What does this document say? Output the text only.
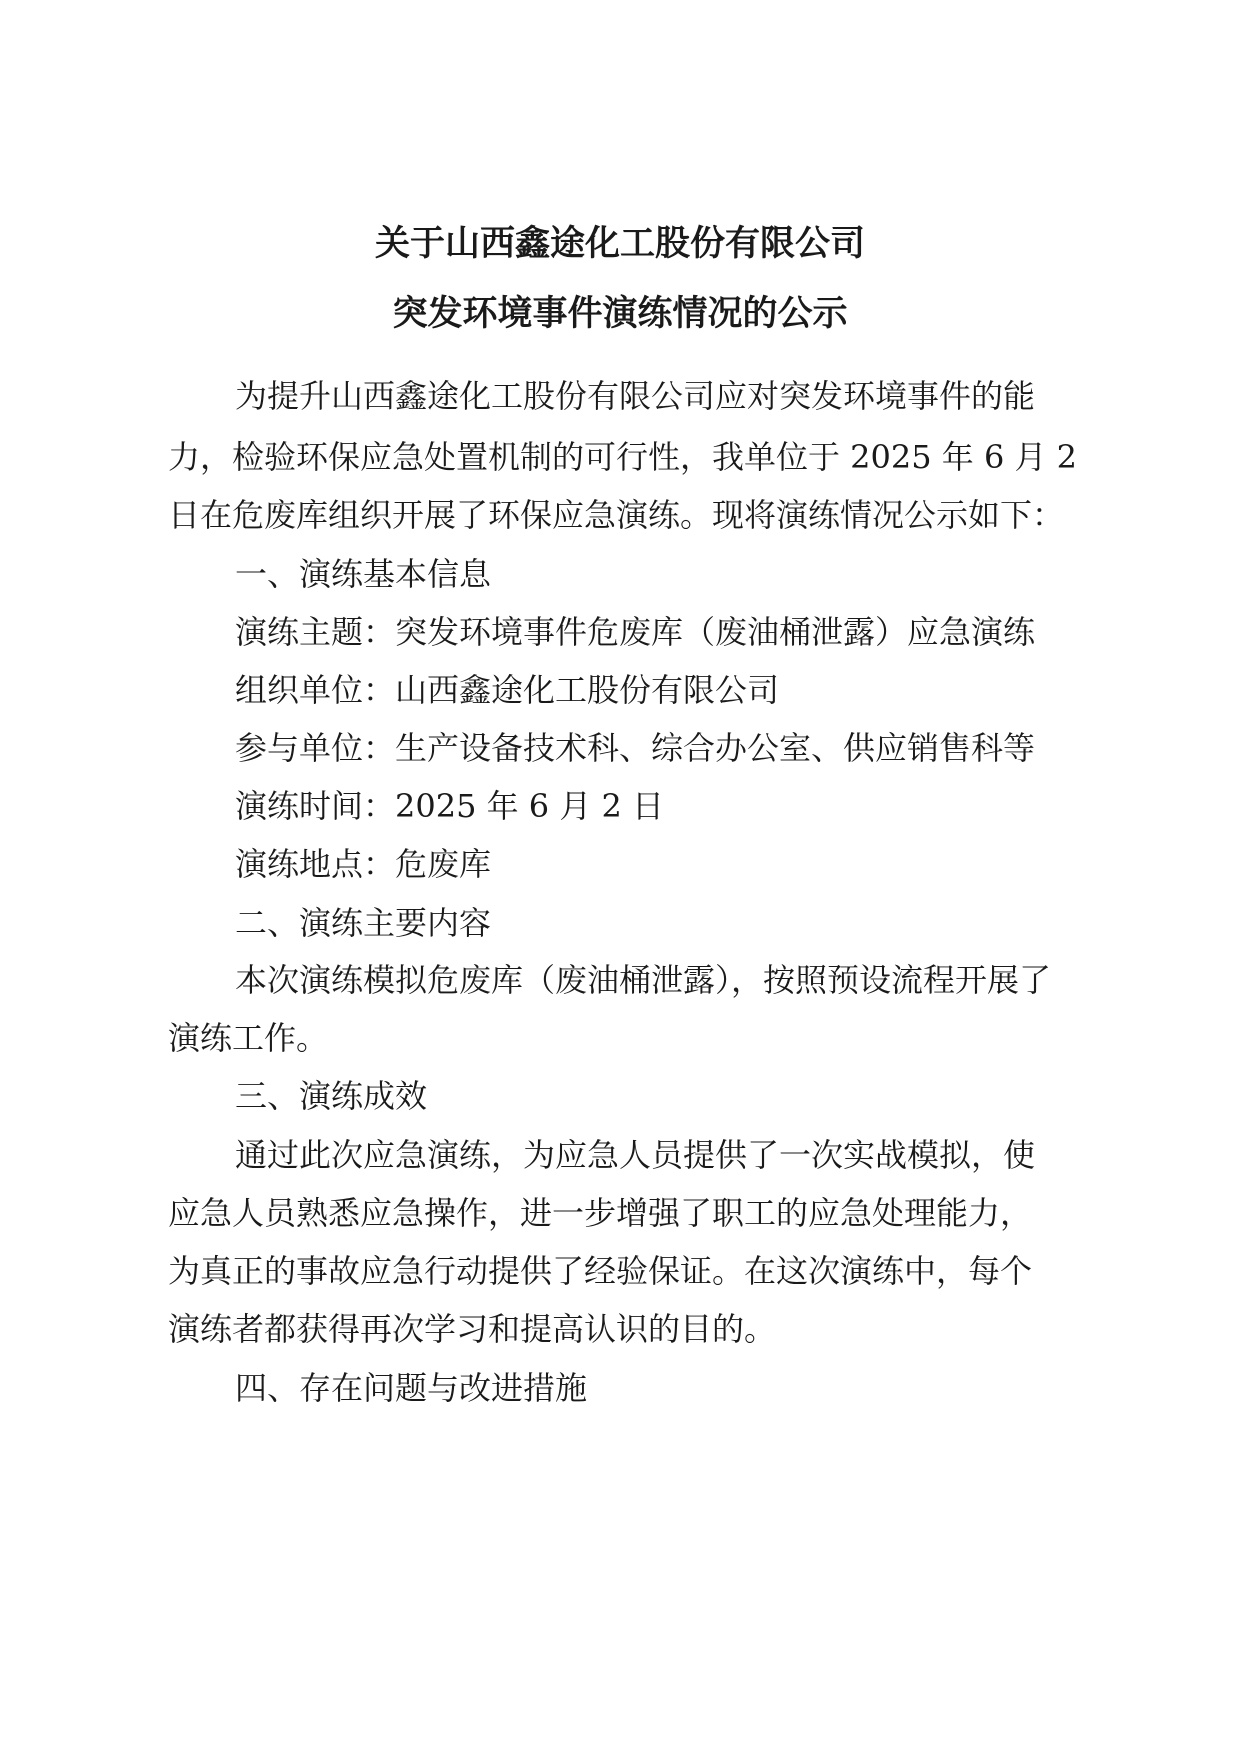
关于山西鑫途化工股份有限公司
突发环境事件演练情况的公示
为提升山西鑫途化工股份有限公司应对突发环境事件的能
力，检验环保应急处置机制的可行性，我单位于 2025 年 6 月 2
日在危废库组织开展了环保应急演练。现将演练情况公示如下：
一、演练基本信息
演练主题：突发环境事件危废库（废油桶泄露）应急演练
组织单位：山西鑫途化工股份有限公司
参与单位：生产设备技术科、综合办公室、供应销售科等
演练时间：2025 年 6 月 2 日
演练地点：危废库
二、演练主要内容
本次演练模拟危废库（废油桶泄露），按照预设流程开展了
演练工作。
三、演练成效
通过此次应急演练，为应急人员提供了一次实战模拟，使
应急人员熟悉应急操作，进一步增强了职工的应急处理能力，
为真正的事故应急行动提供了经验保证。在这次演练中，每个
演练者都获得再次学习和提高认识的目的。
四、存在问题与改进措施
